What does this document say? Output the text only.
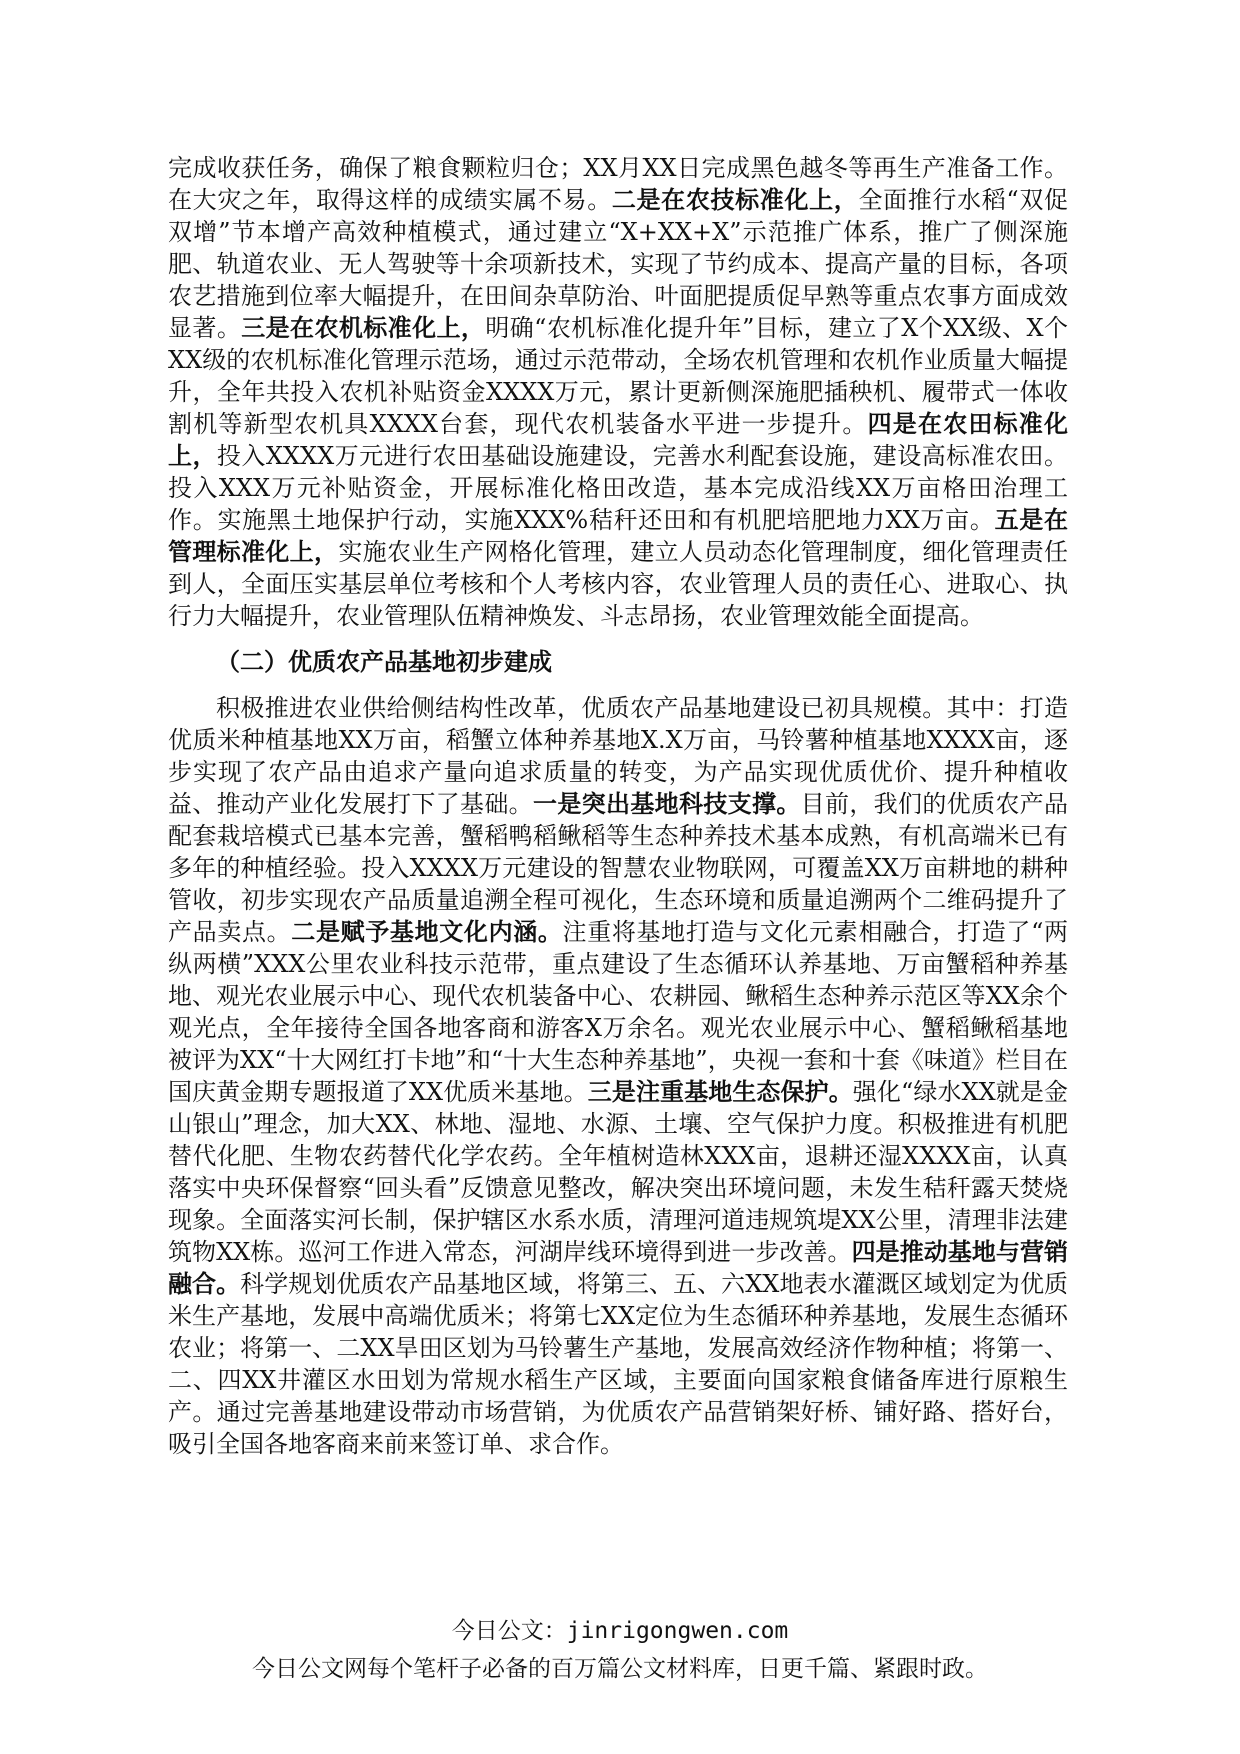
完成收获任务，确保了粮食颗粒归仓；XX月XX日完成黑色越冬等再生产准备工作。在大灾之年，取得这样的成绩实属不易。二是在农技标准化上，全面推行水稻“双促双增”节本增产高效种植模式，通过建立“X+XX+X”示范推广体系，推广了侧深施肥、轨道农业、无人驾驶等十余项新技术，实现了节约成本、提高产量的目标，各项农艺措施到位率大幅提升，在田间杂草防治、叶面肥提质促早熟等重点农事方面成效显著。三是在农机标准化上，明确“农机标准化提升年”目标，建立了X个XX级、X个XX级的农机标准化管理示范场，通过示范带动，全场农机管理和农机作业质量大幅提升，全年共投入农机补贴资金XXXX万元，累计更新侧深施肥插秧机、履带式一体收割机等新型农机具XXXX台套，现代农机装备水平进一步提升。四是在农田标准化上，投入XXXX万元进行农田基础设施建设，完善水利配套设施，建设高标准农田。投入XXX万元补贴资金，开展标准化格田改造，基本完成沿线XX万亩格田治理工作。实施黑土地保护行动，实施XXX%秸秆还田和有机肥培肥地力XX万亩。五是在管理标准化上，实施农业生产网格化管理，建立人员动态化管理制度，细化管理责任到人，全面压实基层单位考核和个人考核内容，农业管理人员的责任心、进取心、执行力大幅提升，农业管理队伍精神焕发、斗志昂扬，农业管理效能全面提高。

（二）优质农产品基地初步建成

积极推进农业供给侧结构性改革，优质农产品基地建设已初具规模。其中：打造优质米种植基地XX万亩，稻蟹立体种养基地X.X万亩，马铃薯种植基地XXXX亩，逐步实现了农产品由追求产量向追求质量的转变，为产品实现优质优价、提升种植收益、推动产业化发展打下了基础。一是突出基地科技支撑。目前，我们的优质农产品配套栽培模式已基本完善，蟹稻鸭稻鳅稻等生态种养技术基本成熟，有机高端米已有多年的种植经验。投入XXXX万元建设的智慧农业物联网，可覆盖XX万亩耕地的耕种管收，初步实现农产品质量追溯全程可视化，生态环境和质量追溯两个二维码提升了产品卖点。二是赋予基地文化内涵。注重将基地打造与文化元素相融合，打造了“两纵两横”XXX公里农业科技示范带，重点建设了生态循环认养基地、万亩蟹稻种养基地、观光农业展示中心、现代农机装备中心、农耕园、鳅稻生态种养示范区等XX余个观光点，全年接待全国各地客商和游客X万余名。观光农业展示中心、蟹稻鳅稻基地被评为XX“十大网红打卡地”和“十大生态种养基地”，央视一套和十套《味道》栏目在国庆黄金期专题报道了XX优质米基地。三是注重基地生态保护。强化“绿水XX就是金山银山”理念，加大XX、林地、湿地、水源、土壤、空气保护力度。积极推进有机肥替代化肥、生物农药替代化学农药。全年植树造林XXX亩，退耕还湿XXXX亩，认真落实中央环保督察“回头看”反馈意见整改，解决突出环境问题，未发生秸秆露天焚烧现象。全面落实河长制，保护辖区水系水质，清理河道违规筑堤XX公里，清理非法建筑物XX栋。巡河工作进入常态，河湖岸线环境得到进一步改善。四是推动基地与营销融合。科学规划优质农产品基地区域，将第三、五、六XX地表水灌溉区域划定为优质米生产基地，发展中高端优质米；将第七XX定位为生态循环种养基地，发展生态循环农业；将第一、二XX旱田区划为马铃薯生产基地，发展高效经济作物种植；将第一、二、四XX井灌区水田划为常规水稻生产区域，主要面向国家粮食储备库进行原粮生产。通过完善基地建设带动市场营销，为优质农产品营销架好桥、铺好路、搭好台，吸引全国各地客商来前来签订单、求合作。

今日公文：jinrigongwen.com
今日公文网每个笔杆子必备的百万篇公文材料库，日更千篇、紧跟时政。
